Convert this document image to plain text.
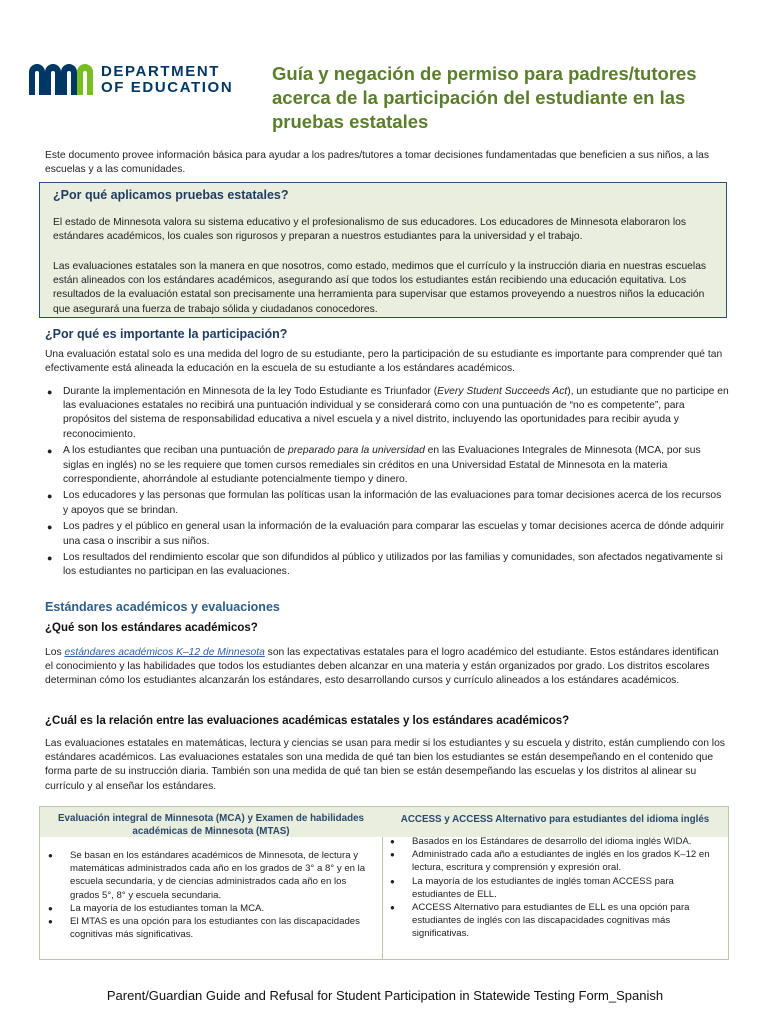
DEPARTMENT
OF EDUCATION
Guía y negación de permiso para padres/tutores acerca de la participación del estudiante en las pruebas estatales

Este documento provee información básica para ayudar a los padres/tutores a tomar decisiones fundamentadas que beneficien a sus niños, a las escuelas y a las comunidades.

¿Por qué aplicamos pruebas estatales?

El estado de Minnesota valora su sistema educativo y el profesionalismo de sus educadores. Los educadores de Minnesota elaboraron los estándares académicos, los cuales son rigurosos y preparan a nuestros estudiantes para la universidad y el trabajo.

Las evaluaciones estatales son la manera en que nosotros, como estado, medimos que el currículo y la instrucción diaria en nuestras escuelas están alineados con los estándares académicos, asegurando así que todos los estudiantes están recibiendo una educación equitativa. Los resultados de la evaluación estatal son precisamente una herramienta para supervisar que estamos proveyendo a nuestros niños la educación que asegurará una fuerza de trabajo sólida y ciudadanos conocedores.

¿Por qué es importante la participación?

Una evaluación estatal solo es una medida del logro de su estudiante, pero la participación de su estudiante es importante para comprender qué tan efectivamente está alineada la educación en la escuela de su estudiante a los estándares académicos.

● Durante la implementación en Minnesota de la ley Todo Estudiante es Triunfador (Every Student Succeeds Act), un estudiante que no participe en las evaluaciones estatales no recibirá una puntuación individual y se considerará como con una puntuación de “no es competente”, para propósitos del sistema de responsabilidad educativa a nivel escuela y a nivel distrito, incluyendo las oportunidades para recibir ayuda y reconocimiento.
● A los estudiantes que reciban una puntuación de preparado para la universidad en las Evaluaciones Integrales de Minnesota (MCA, por sus siglas en inglés) no se les requiere que tomen cursos remediales sin créditos en una Universidad Estatal de Minnesota en la materia correspondiente, ahorrándole al estudiante potencialmente tiempo y dinero.
● Los educadores y las personas que formulan las políticas usan la información de las evaluaciones para tomar decisiones acerca de los recursos y apoyos que se brindan.
● Los padres y el público en general usan la información de la evaluación para comparar las escuelas y tomar decisiones acerca de dónde adquirir una casa o inscribir a sus niños.
● Los resultados del rendimiento escolar que son difundidos al público y utilizados por las familias y comunidades, son afectados negativamente si los estudiantes no participan en las evaluaciones.
Estándares académicos y evaluaciones
¿Qué son los estándares académicos?

Los estándares académicos K–12 de Minnesota son las expectativas estatales para el logro académico del estudiante. Estos estándares identifican el conocimiento y las habilidades que todos los estudiantes deben alcanzar en una materia y están organizados por grado. Los distritos escolares determinan cómo los estudiantes alcanzarán los estándares, esto desarrollando cursos y currículo alineados a los estándares académicos.

¿Cuál es la relación entre las evaluaciones académicas estatales y los estándares académicos?

Las evaluaciones estatales en matemáticas, lectura y ciencias se usan para medir si los estudiantes y su escuela y distrito, están cumpliendo con los estándares académicos. Las evaluaciones estatales son una medida de qué tan bien los estudiantes se están desempeñando en el contenido que forma parte de su instrucción diaria. También son una medida de qué tan bien se están desempeñando las escuelas y los distritos al alinear su currículo y al enseñar los estándares.

Evaluación integral de Minnesota (MCA) y Examen de habilidades académicas de Minnesota (MTAS)
● Se basan en los estándares académicos de Minnesota, de lectura y matemáticas administrados cada año en los grados de 3° a 8° y en la escuela secundaria, y de ciencias administrados cada año en los grados 5°, 8° y escuela secundaria.
● La mayoría de los estudiantes toman la MCA.
● El MTAS es una opción para los estudiantes con las discapacidades cognitivas más significativas.
ACCESS y ACCESS Alternativo para estudiantes del idioma inglés
● Basados en los Estándares de desarrollo del idioma inglés WIDA.
● Administrado cada año a estudiantes de inglés en los grados K–12 en lectura, escritura y comprensión y expresión oral.
● La mayoría de los estudiantes de inglés toman ACCESS para estudiantes de ELL.
● ACCESS Alternativo para estudiantes de ELL es una opción para estudiantes de inglés con las discapacidades cognitivas más significativas.
Parent/Guardian Guide and Refusal for Student Participation in Statewide Testing Form_Spanish
